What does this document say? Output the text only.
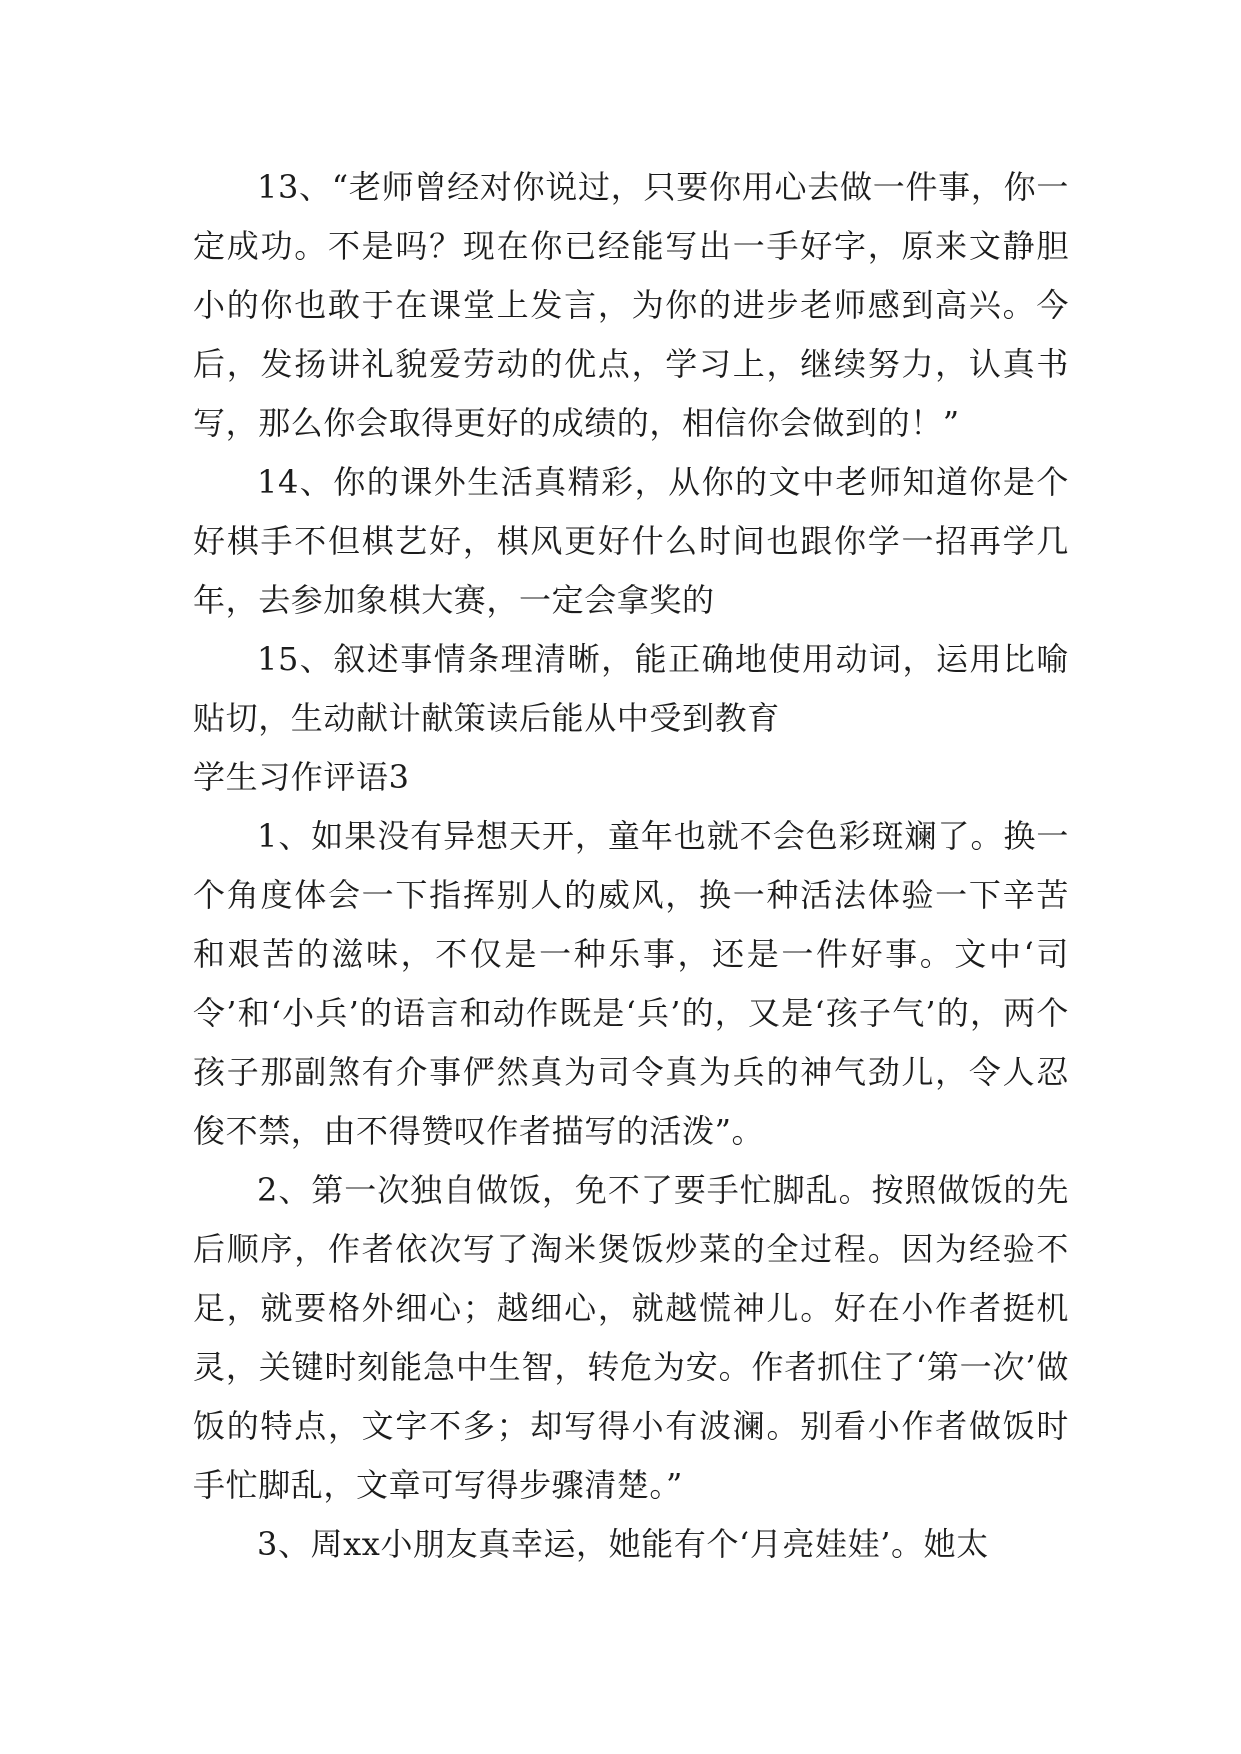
13、“老师曾经对你说过，只要你用心去做一件事，你一定成功。不是吗？现在你已经能写出一手好字，原来文静胆小的你也敢于在课堂上发言，为你的进步老师感到高兴。今后，发扬讲礼貌爱劳动的优点，学习上，继续努力，认真书写，那么你会取得更好的成绩的，相信你会做到的！”

14、你的课外生活真精彩，从你的文中老师知道你是个好棋手不但棋艺好，棋风更好什么时间也跟你学一招再学几年，去参加象棋大赛，一定会拿奖的

15、叙述事情条理清晰，能正确地使用动词，运用比喻贴切，生动献计献策读后能从中受到教育

学生习作评语3

1、如果没有异想天开，童年也就不会色彩斑斓了。换一个角度体会一下指挥别人的威风，换一种活法体验一下辛苦和艰苦的滋味，不仅是一种乐事，还是一件好事。文中‘司令’和‘小兵’的语言和动作既是‘兵’的，又是‘孩子气’的，两个孩子那副煞有介事俨然真为司令真为兵的神气劲儿，令人忍俊不禁，由不得赞叹作者描写的活泼”。

2、第一次独自做饭，免不了要手忙脚乱。按照做饭的先后顺序，作者依次写了淘米煲饭炒菜的全过程。因为经验不足，就要格外细心；越细心，就越慌神儿。好在小作者挺机灵，关键时刻能急中生智，转危为安。作者抓住了‘第一次’做饭的特点，文字不多；却写得小有波澜。别看小作者做饭时手忙脚乱，文章可写得步骤清楚。”

3、周xx小朋友真幸运，她能有个‘月亮娃娃’。她太
